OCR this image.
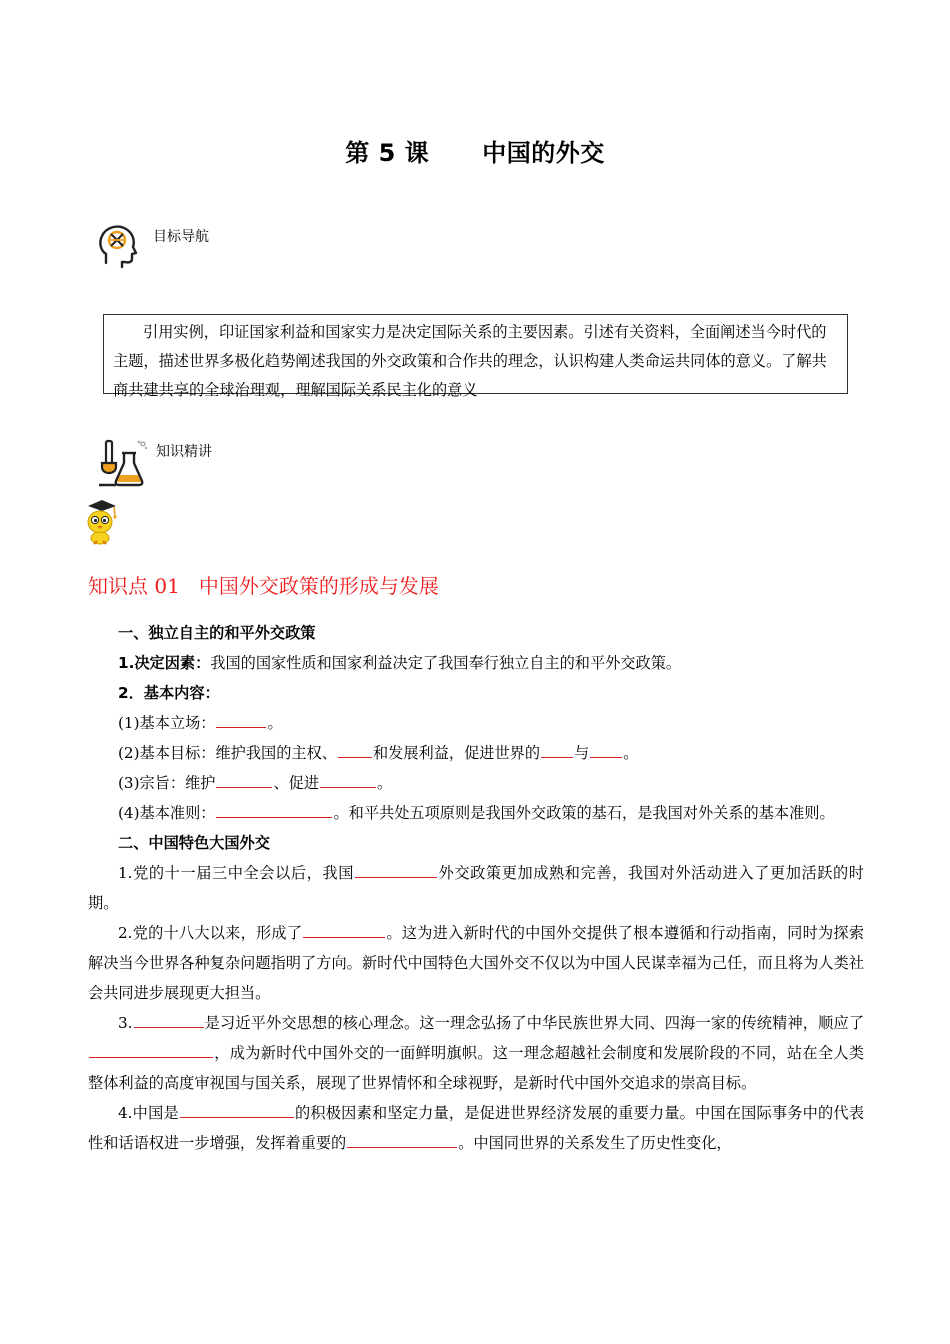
第 5 课      中国的外交
目标导航
引用实例，印证国家利益和国家实力是决定国际关系的主要因素。引述有关资料，全面阐述当今时代的主题，描述世界多极化趋势阐述我国的外交政策和合作共的理念，认识构建人类命运共同体的意义。了解共商共建共享的全球治理观，理解国际关系民主化的意义
知识精讲
知识点 01   中国外交政策的形成与发展

一、独立自主的和平外交政策

1.决定因素：我国的国家性质和国家利益决定了我国奉行独立自主的和平外交政策。

2．基本内容：

(1)基本立场：	。

(2)基本目标：维护我国的主权、 和发展利益，促进世界的 与 。

(3)宗旨：维护	、促进	。

(4)基本准则：	。和平共处五项原则是我国外交政策的基石，是我国对外关系的基本准则。

二、中国特色大国外交

1.党的十一届三中全会以后，我国	外交政策更加成熟和完善，我国对外活动进入了更加活跃的时期。

2.党的十八大以来，形成了	。这为进入新时代的中国外交提供了根本遵循和行动指南，同时为探索解决当今世界各种复杂问题指明了方向。新时代中国特色大国外交不仅以为中国人民谋幸福为己任，而且将为人类社会共同进步展现更大担当。

3.	是习近平外交思想的核心理念。这一理念弘扬了中华民族世界大同、四海一家的传统精神，顺应了，成为新时代中国外交的一面鲜明旗帜。这一理念超越社会制度和发展阶段的不同，站在全人类整体利益的高度审视国与国关系，展现了世界情怀和全球视野，是新时代中国外交追求的崇高目标。

4.中国是	的积极因素和坚定力量，是促进世界经济发展的重要力量。中国在国际事务中的代表性和话语权进一步增强，发挥着重要的	。中国同世界的关系发生了历史性变化，
